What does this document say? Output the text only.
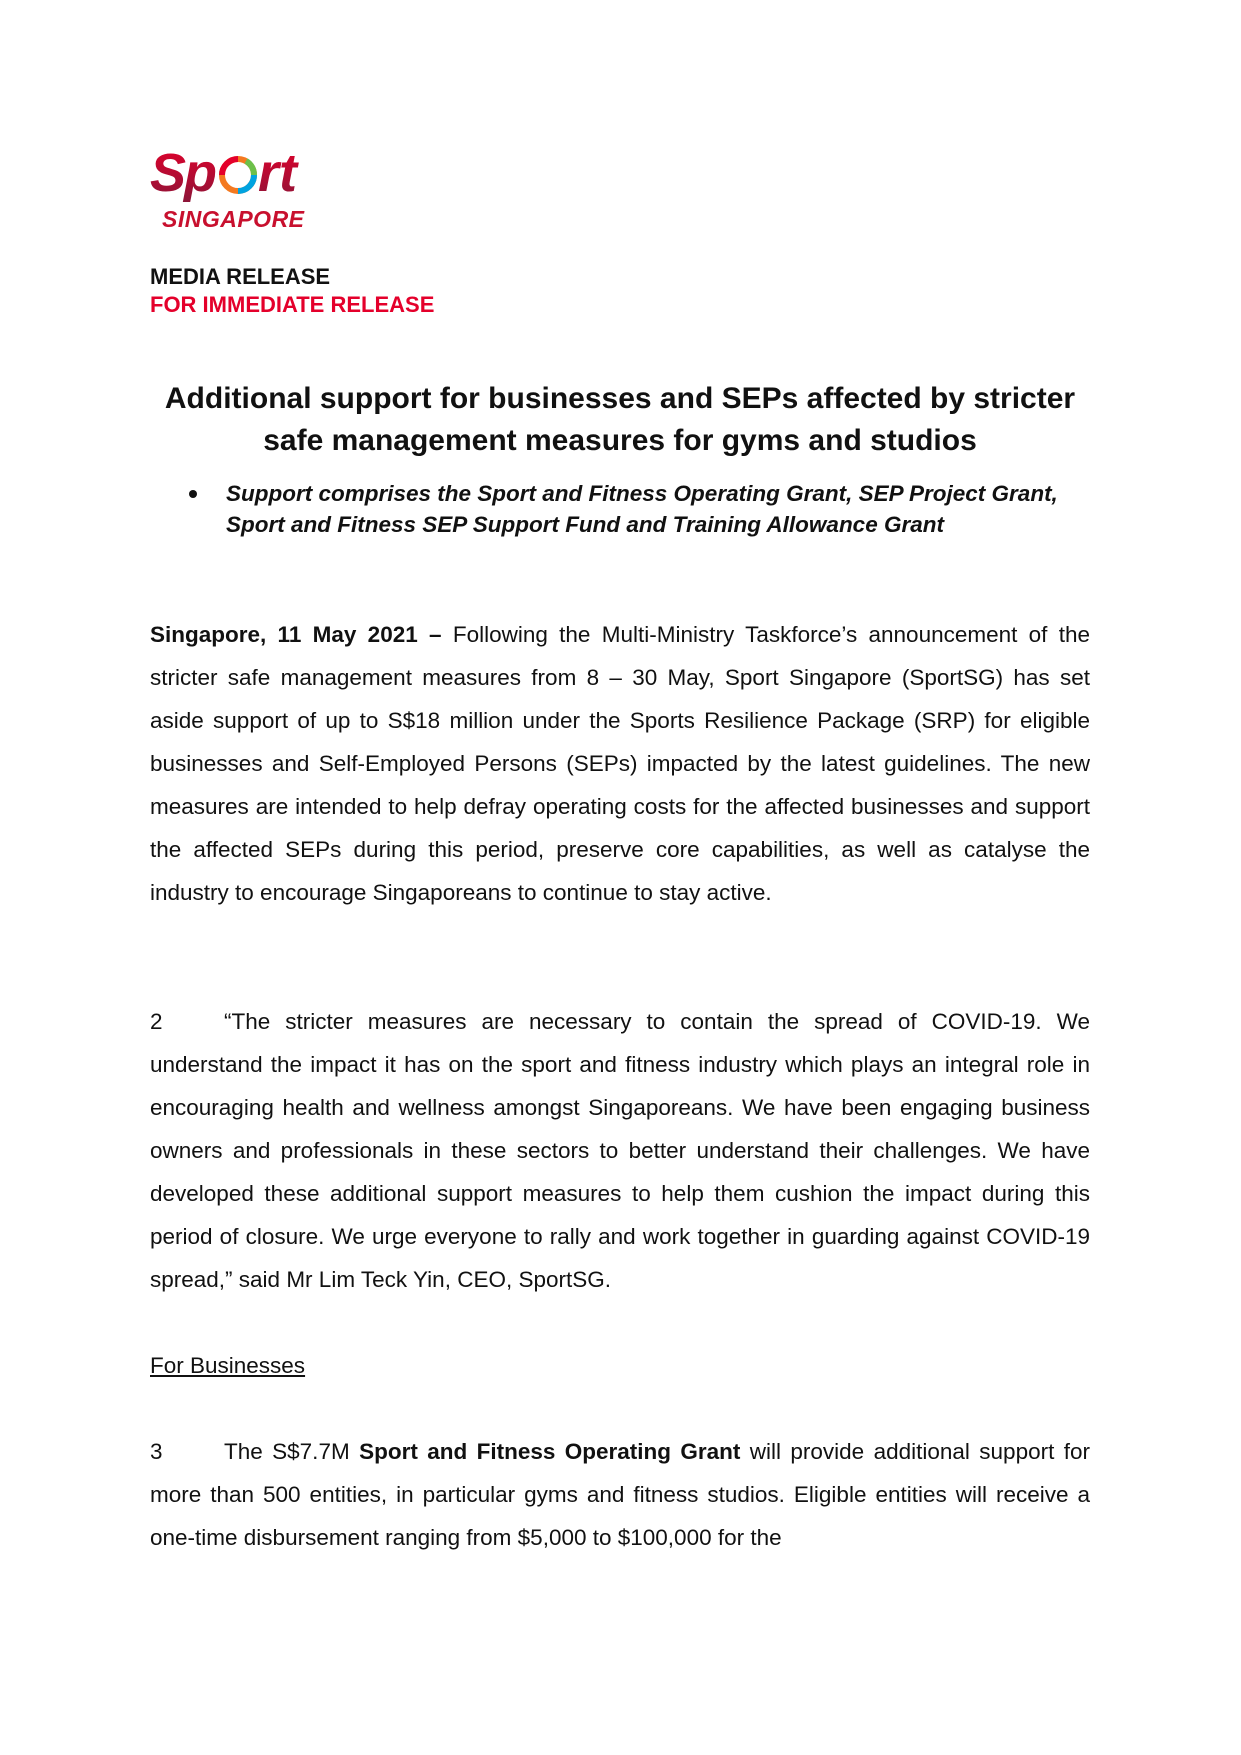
S
p rt
SINGAPORE
MEDIA RELEASE
FOR IMMEDIATE RELEASE
Additional support for businesses and SEPs affected by stricter safe management measures for gyms and studios
Support comprises the Sport and Fitness Operating Grant, SEP Project Grant, Sport and Fitness SEP Support Fund and Training Allowance Grant

Singapore, 11 May 2021 – Following the Multi-Ministry Taskforce’s announcement of the stricter safe management measures from 8 – 30 May, Sport Singapore (SportSG) has set aside support of up to S$18 million under the Sports Resilience Package (SRP) for eligible businesses and Self-Employed Persons (SEPs) impacted by the latest guidelines. The new measures are intended to help defray operating costs for the affected businesses and support the affected SEPs during this period, preserve core capabilities, as well as catalyse the industry to encourage Singaporeans to continue to stay active.

2	“The stricter measures are necessary to contain the spread of COVID-19. We understand the impact it has on the sport and fitness industry which plays an integral role in encouraging health and wellness amongst Singaporeans. We have been engaging business owners and professionals in these sectors to better understand their challenges. We have developed these additional support measures to help them cushion the impact during this period of closure. We urge everyone to rally and work together in guarding against COVID-19 spread,” said Mr Lim Teck Yin, CEO, SportSG.

For Businesses

3	The S$7.7M Sport and Fitness Operating Grant will provide additional support for more than 500 entities, in particular gyms and fitness studios. Eligible entities will receive a one-time disbursement ranging from $5,000 to $100,000 for the
